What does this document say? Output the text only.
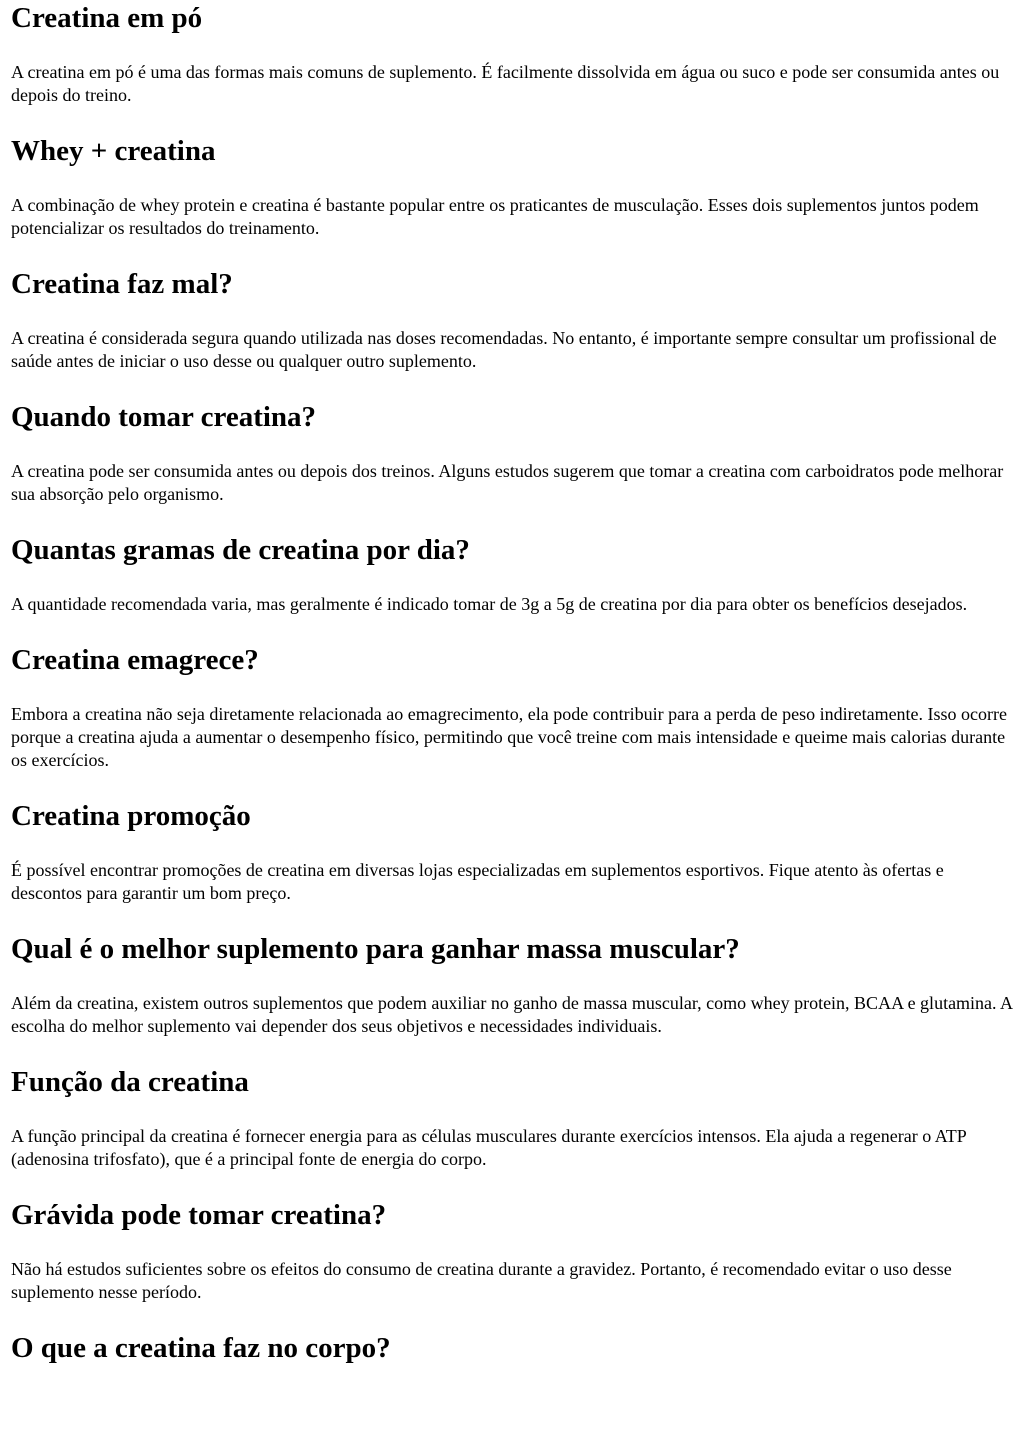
Creatina em pó

A creatina em pó é uma das formas mais comuns de suplemento. É facilmente dissolvida em água ou suco e pode ser consumida antes ou depois do treino.

Whey + creatina

A combinação de whey protein e creatina é bastante popular entre os praticantes de musculação. Esses dois suplementos juntos podem potencializar os resultados do treinamento.

Creatina faz mal?

A creatina é considerada segura quando utilizada nas doses recomendadas. No entanto, é importante sempre consultar um profissional de saúde antes de iniciar o uso desse ou qualquer outro suplemento.

Quando tomar creatina?

A creatina pode ser consumida antes ou depois dos treinos. Alguns estudos sugerem que tomar a creatina com carboidratos pode melhorar sua absorção pelo organismo.

Quantas gramas de creatina por dia?

A quantidade recomendada varia, mas geralmente é indicado tomar de 3g a 5g de creatina por dia para obter os benefícios desejados.

Creatina emagrece?

Embora a creatina não seja diretamente relacionada ao emagrecimento, ela pode contribuir para a perda de peso indiretamente. Isso ocorre porque a creatina ajuda a aumentar o desempenho físico, permitindo que você treine com mais intensidade e queime mais calorias durante os exercícios.

Creatina promoção

É possível encontrar promoções de creatina em diversas lojas especializadas em suplementos esportivos. Fique atento às ofertas e descontos para garantir um bom preço.

Qual é o melhor suplemento para ganhar massa muscular?

Além da creatina, existem outros suplementos que podem auxiliar no ganho de massa muscular, como whey protein, BCAA e glutamina. A escolha do melhor suplemento vai depender dos seus objetivos e necessidades individuais.

Função da creatina

A função principal da creatina é fornecer energia para as células musculares durante exercícios intensos. Ela ajuda a regenerar o ATP (adenosina trifosfato), que é a principal fonte de energia do corpo.

Grávida pode tomar creatina?

Não há estudos suficientes sobre os efeitos do consumo de creatina durante a gravidez. Portanto, é recomendado evitar o uso desse suplemento nesse período.

O que a creatina faz no corpo?
